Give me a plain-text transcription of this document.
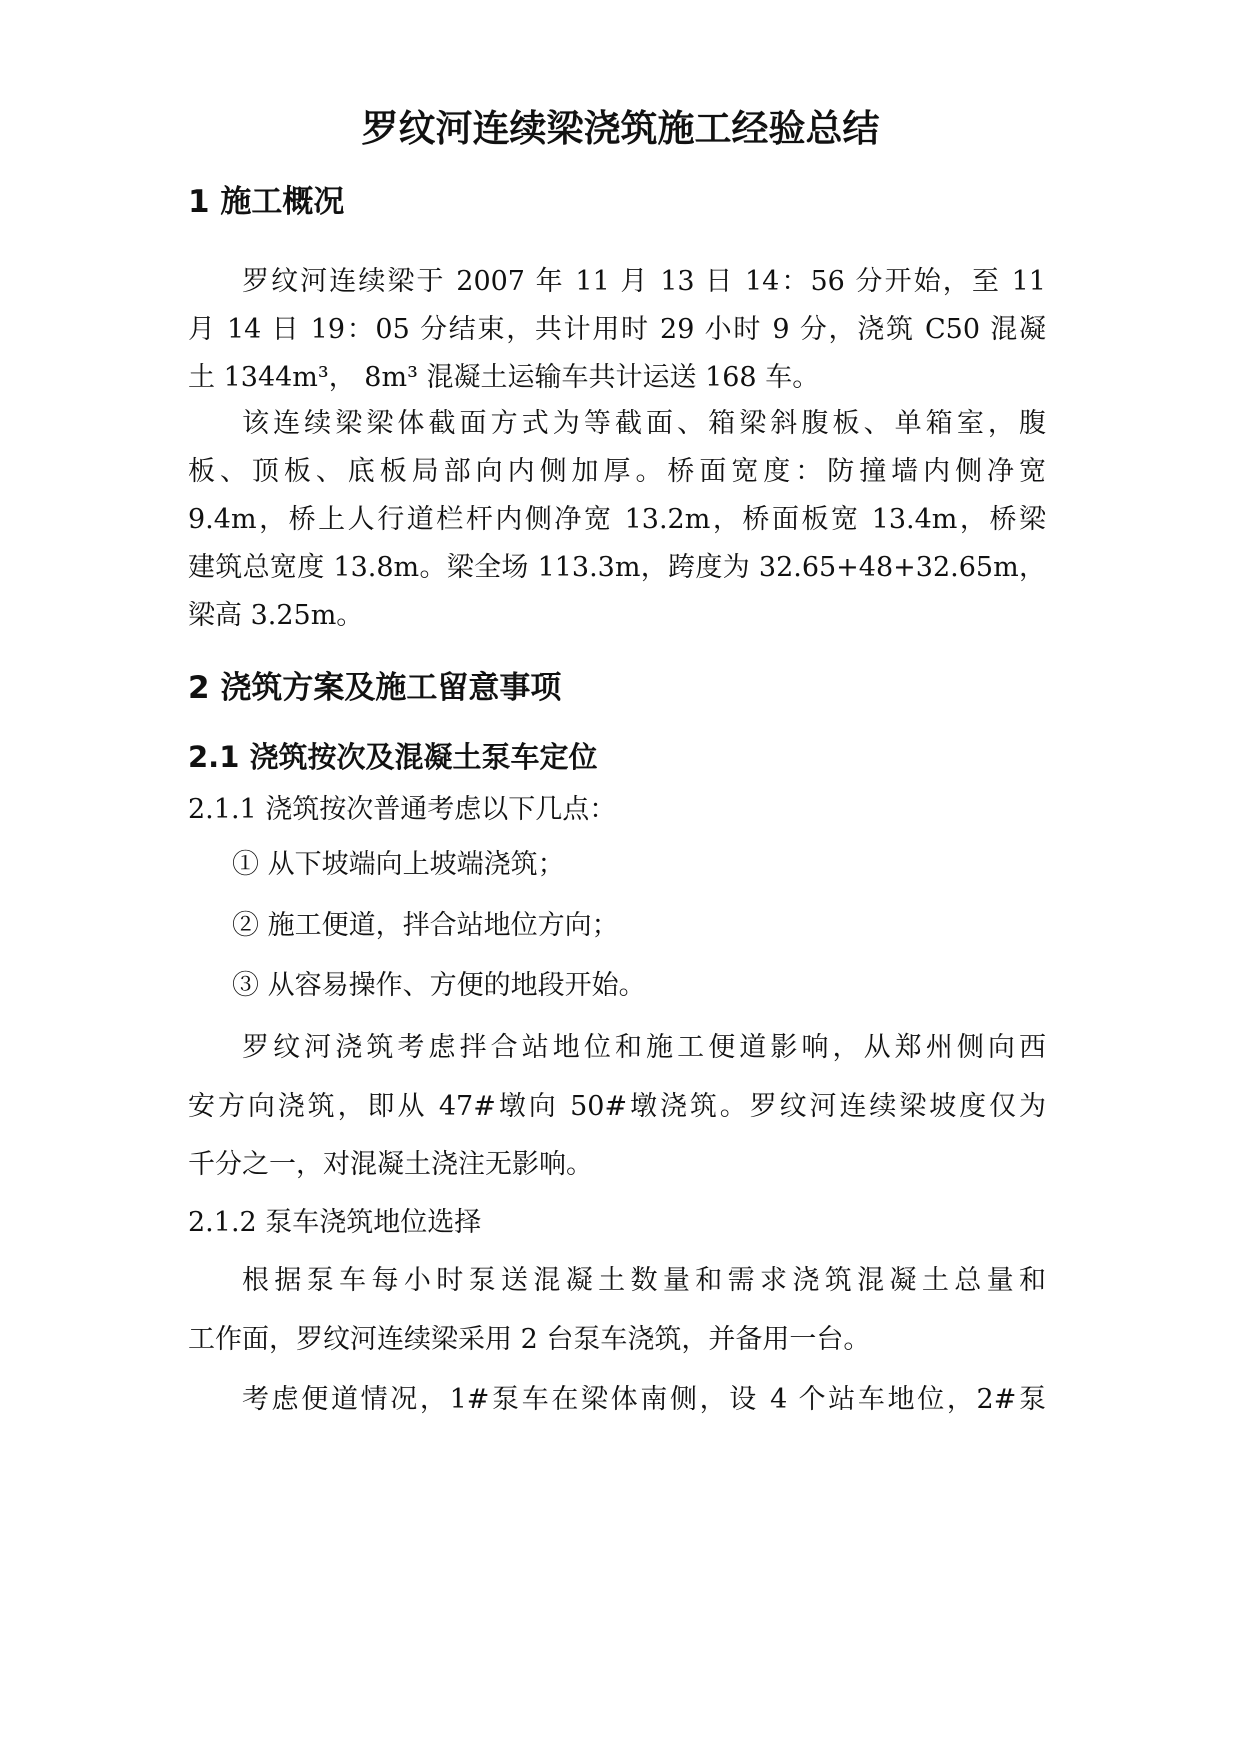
罗纹河连续梁浇筑施工经验总结
1 施工概况
罗纹河连续梁于 2007 年 11 月 13 日 14：56 分开始，至 11
月 14 日 19：05 分结束，共计用时 29 小时 9 分，浇筑 C50 混凝
土 1344m³， 8m³ 混凝土运输车共计运送 168 车。
该连续梁梁体截面方式为等截面、箱梁斜腹板、单箱室，腹
板、顶板、底板局部向内侧加厚。桥面宽度：防撞墙内侧净宽
9.4m，桥上人行道栏杆内侧净宽 13.2m，桥面板宽 13.4m，桥梁
建筑总宽度 13.8m。梁全场 113.3m，跨度为 32.65+48+32.65m，
梁高 3.25m。
2 浇筑方案及施工留意事项
2.1 浇筑按次及混凝土泵车定位
2.1.1 浇筑按次普通考虑以下几点：
① 从下坡端向上坡端浇筑；
② 施工便道，拌合站地位方向；
③ 从容易操作、方便的地段开始。
罗纹河浇筑考虑拌合站地位和施工便道影响，从郑州侧向西
安方向浇筑，即从 47#墩向 50#墩浇筑。罗纹河连续梁坡度仅为
千分之一，对混凝土浇注无影响。
2.1.2 泵车浇筑地位选择
根据泵车每小时泵送混凝土数量和需求浇筑混凝土总量和
工作面，罗纹河连续梁采用 2 台泵车浇筑，并备用一台。
考虑便道情况，1#泵车在梁体南侧，设 4 个站车地位，2#泵
